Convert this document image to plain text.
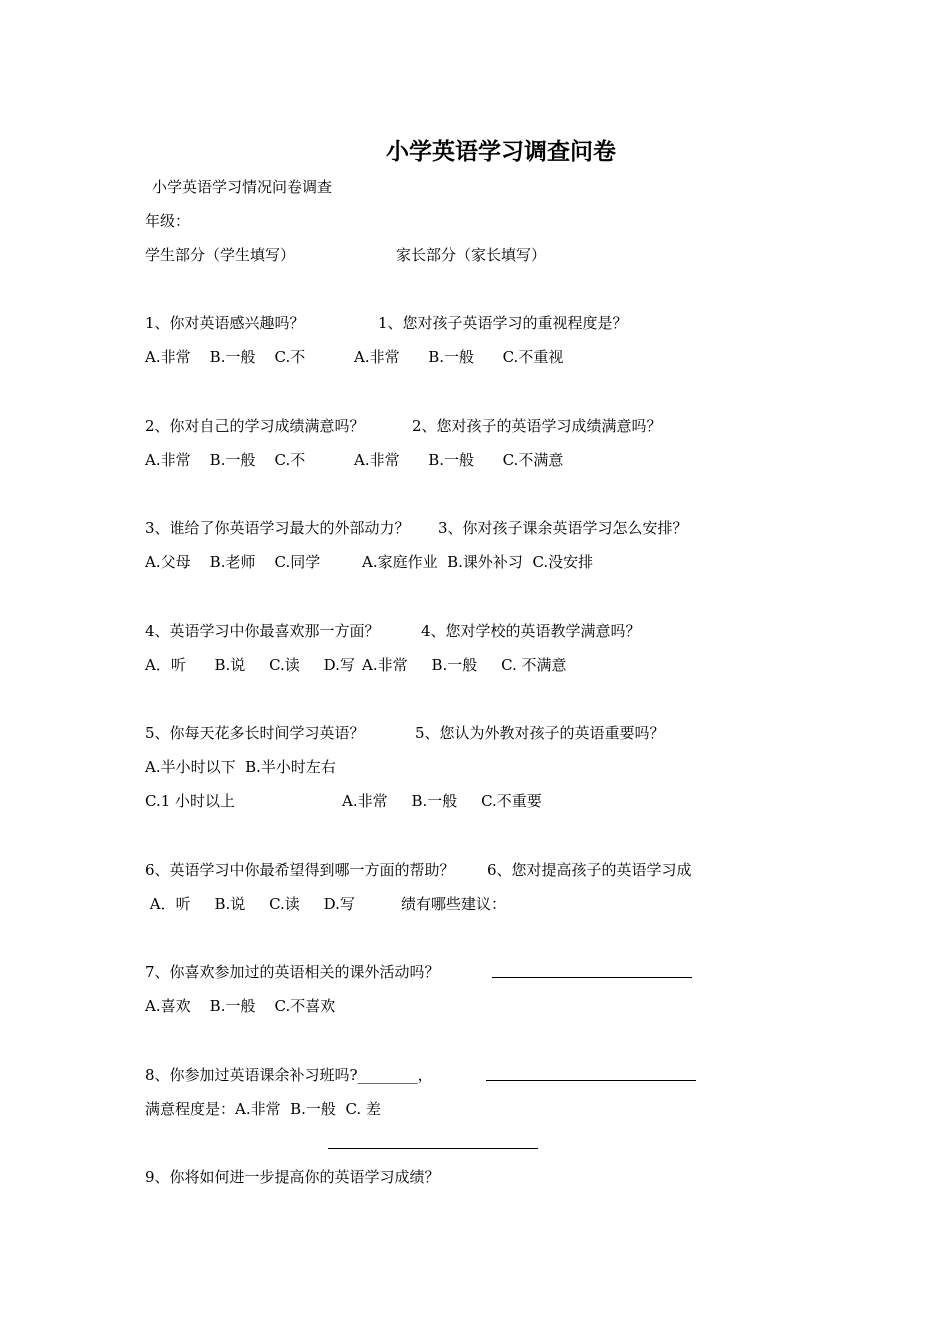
小学英语学习调查问卷
小学英语学习情况问卷调查
年级：
学生部分（学生填写）	家长部分（家长填写）
1、你对英语感兴趣吗？	1、您对孩子英语学习的重视程度是？
A.非常    B.一般    C.不	A.非常      B.一般      C.不重视
2、你对自己的学习成绩满意吗？	2、您对孩子的英语学习成绩满意吗？
A.非常    B.一般    C.不	A.非常      B.一般      C.不满意
3、谁给了你英语学习最大的外部动力？ 3、你对孩子课余英语学习怎么安排？
A.父母    B.老师    C.同学	A.家庭作业  B.课外补习  C.没安排
4、英语学习中你最喜欢那一方面？	4、您对学校的英语教学满意吗？
A．听      B.说     C.读     D.写 A.非常     B.一般     C. 不满意
5、你每天花多长时间学习英语？	5、您认为外教对孩子的英语重要吗？
A.半小时以下  B.半小时左右
C.1 小时以上	A.非常     B.一般     C.不重要
6、英语学习中你最希望得到哪一方面的帮助？ 6、您对提高孩子的英语学习成
A．听     B.说     C.读     D.写	绩有哪些建议：
7、你喜欢参加过的英语相关的课外活动吗？
A.喜欢    B.一般    C.不喜欢
8、你参加过英语课余补习班吗?________，
满意程度是：A.非常  B.一般  C. 差
9、你将如何进一步提高你的英语学习成绩？
